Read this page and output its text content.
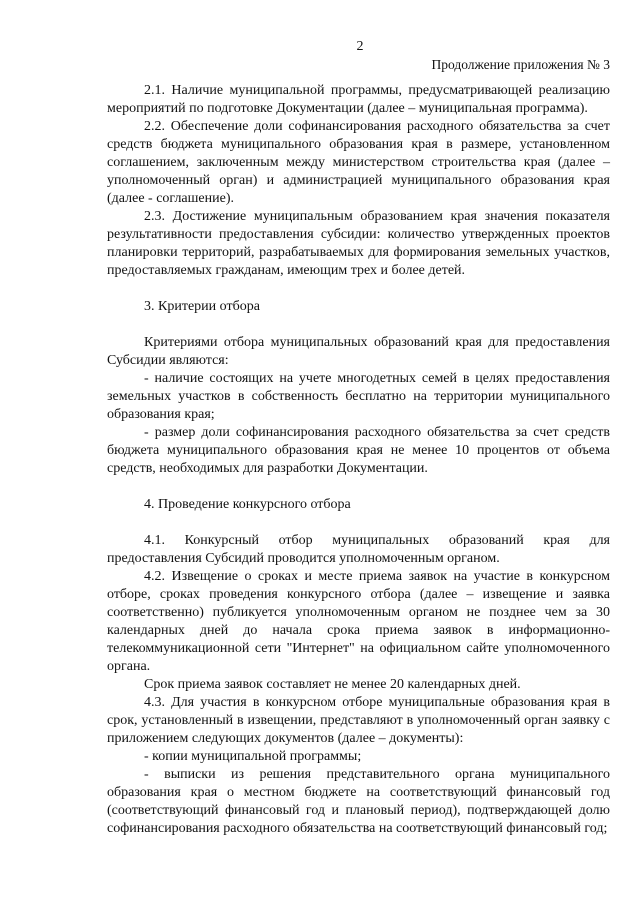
2
Продолжение приложения № 3

2.1. Наличие муниципальной программы, предусматривающей реализацию мероприятий по подготовке Документации (далее – муниципальная программа).

2.2. Обеспечение доли софинансирования расходного обязательства за счет средств бюджета муниципального образования края в размере, установленном соглашением, заключенным между министерством строительства края (далее – уполномоченный орган) и администрацией муниципального образования края (далее - соглашение).

2.3. Достижение муниципальным образованием края значения показателя результативности предоставления субсидии: количество утвержденных проектов планировки территорий, разрабатываемых для формирования земельных участков, предоставляемых гражданам, имеющим трех и более детей.

3. Критерии отбора

Критериями отбора муниципальных образований края для предоставления Субсидии являются:

- наличие состоящих на учете многодетных семей в целях предоставления земельных участков в собственность бесплатно на территории муниципального образования края;

- размер доли софинансирования расходного обязательства за счет средств бюджета муниципального образования края не менее 10 процентов от объема средств, необходимых для разработки Документации.

4. Проведение конкурсного отбора

4.1. Конкурсный отбор муниципальных образований края для предоставления Субсидий проводится уполномоченным органом.

4.2. Извещение о сроках и месте приема заявок на участие в конкурсном отборе, сроках проведения конкурсного отбора (далее – извещение и заявка соответственно) публикуется уполномоченным органом не позднее чем за 30 календарных дней до начала срока приема заявок в информационно-телекоммуникационной сети "Интернет" на официальном сайте уполномоченного органа.

Срок приема заявок составляет не менее 20 календарных дней.

4.3. Для участия в конкурсном отборе муниципальные образования края в срок, установленный в извещении, представляют в уполномоченный орган заявку с приложением следующих документов (далее – документы):

- копии муниципальной программы;

- выписки из решения представительного органа муниципального образования края о местном бюджете на соответствующий финансовый год (соответствующий финансовый год и плановый период), подтверждающей долю софинансирования расходного обязательства на соответствующий финансовый год;
